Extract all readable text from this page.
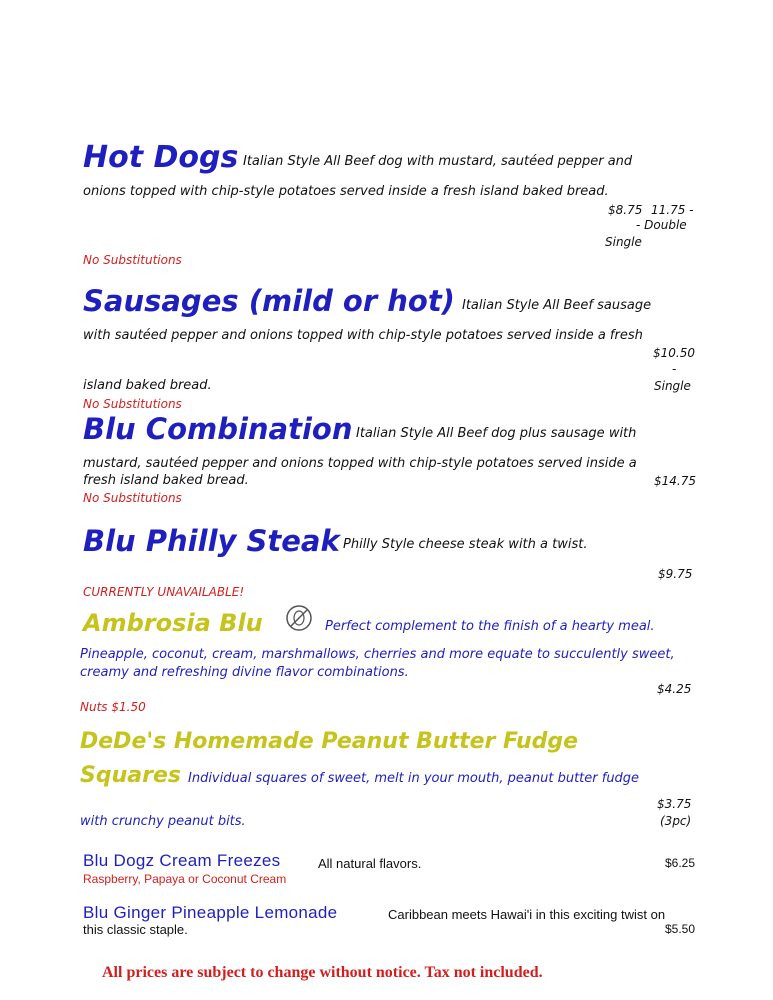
Hot Dogs Italian Style All Beef dog with mustard, sautéed pepper and
onions topped with chip-style potatoes served inside a fresh island baked bread.
$8.75 11.75 -
- Double
Single
No Substitutions
Sausages (mild or hot) Italian Style All Beef sausage
with sautéed pepper and onions topped with chip-style potatoes served inside a fresh
$10.50
-
island baked bread.	Single
No Substitutions
Blu Combination Italian Style All Beef dog plus sausage with
mustard, sautéed pepper and onions topped with chip-style potatoes served inside a
fresh island baked bread.	$14.75
No Substitutions
Blu Philly Steak Philly Style cheese steak with a twist.
$9.75
CURRENTLY UNAVAILABLE!
Ambrosia Blu	Perfect complement to the finish of a hearty meal.
Pineapple, coconut, cream, marshmallows, cherries and more equate to succulently sweet,
creamy and refreshing divine flavor combinations.
$4.25
Nuts $1.50
DeDe's Homemade Peanut Butter Fudge
Squares Individual squares of sweet, melt in your mouth, peanut butter fudge
$3.75
with crunchy peanut bits.	(3pc)
Blu Dogz Cream Freezes	All natural flavors.	$6.25
Raspberry, Papaya or Coconut Cream
Blu Ginger Pineapple Lemonade	Caribbean meets Hawai'i in this exciting twist on
this classic staple.	$5.50
All prices are subject to change without notice. Tax not included.
